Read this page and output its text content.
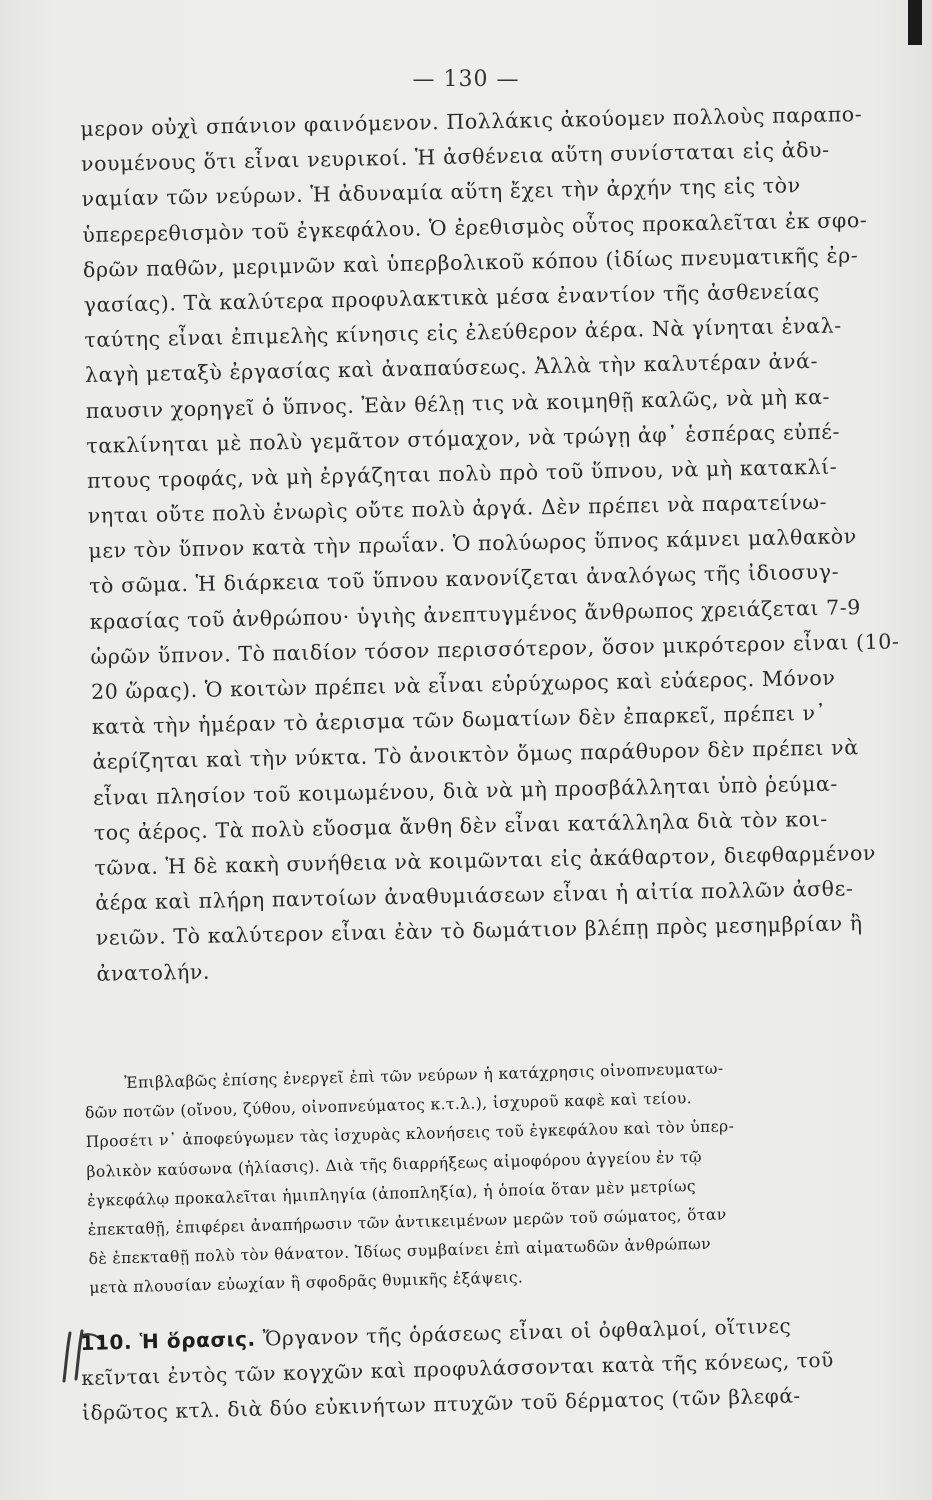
— 130 —
μερον οὐχὶ σπάνιον φαινόμενον. Πολλάκις ἀκούομεν πολλοὺς παραπο-
νουμένους ὅτι εἶναι νευρικοί. Ἡ ἀσθένεια αὕτη συνίσταται εἰς ἀδυ-
ναμίαν τῶν νεύρων. Ἡ ἀδυναμία αὕτη ἔχει τὴν ἀρχήν της εἰς τὸν
ὑπερερεθισμὸν τοῦ ἐγκεφάλου. Ὁ ἐρεθισμὸς οὗτος προκαλεῖται ἐκ σφο-
δρῶν παθῶν, μεριμνῶν καὶ ὑπερβολικοῦ κόπου (ἰδίως πνευματικῆς ἐρ-
γασίας). Τὰ καλύτερα προφυλακτικὰ μέσα ἐναντίον τῆς ἀσθενείας
ταύτης εἶναι ἐπιμελὴς κίνησις εἰς ἐλεύθερον ἀέρα. Νὰ γίνηται ἐναλ-
λαγὴ μεταξὺ ἐργασίας καὶ ἀναπαύσεως. Ἀλλὰ τὴν καλυτέραν ἀνά-
παυσιν χορηγεῖ ὁ ὕπνος. Ἐὰν θέλῃ τις νὰ κοιμηθῇ καλῶς, νὰ μὴ κα-
τακλίνηται μὲ πολὺ γεμᾶτον στόμαχον, νὰ τρώγῃ ἀφ᾿ ἑσπέρας εὐπέ-
πτους τροφάς, νὰ μὴ ἐργάζηται πολὺ πρὸ τοῦ ὕπνου, νὰ μὴ κατακλί-
νηται οὔτε πολὺ ἐνωρὶς οὔτε πολὺ ἀργά. Δὲν πρέπει νὰ παρατείνω-
μεν τὸν ὕπνον κατὰ τὴν πρωΐαν. Ὁ πολύωρος ὕπνος κάμνει μαλθακὸν
τὸ σῶμα. Ἡ διάρκεια τοῦ ὕπνου κανονίζεται ἀναλόγως τῆς ἰδιοσυγ-
κρασίας τοῦ ἀνθρώπου· ὑγιὴς ἀνεπτυγμένος ἄνθρωπος χρειάζεται 7-9
ὡρῶν ὕπνον. Τὸ παιδίον τόσον περισσότερον, ὅσον μικρότερον εἶναι (10-
20 ὥρας). Ὁ κοιτὼν πρέπει νὰ εἶναι εὐρύχωρος καὶ εὐάερος. Μόνον
κατὰ τὴν ἡμέραν τὸ ἀερισμα τῶν δωματίων δὲν ἐπαρκεῖ, πρέπει ν᾿
ἀερίζηται καὶ τὴν νύκτα. Τὸ ἀνοικτὸν ὅμως παράθυρον δὲν πρέπει νὰ
εἶναι πλησίον τοῦ κοιμωμένου, διὰ νὰ μὴ προσβάλληται ὑπὸ ῥεύμα-
τος ἀέρος. Τὰ πολὺ εὔοσμα ἄνθη δὲν εἶναι κατάλληλα διὰ τὸν κοι-
τῶνα. Ἡ δὲ κακὴ συνήθεια νὰ κοιμῶνται εἰς ἀκάθαρτον, διεφθαρμένον
ἀέρα καὶ πλήρη παντοίων ἀναθυμιάσεων εἶναι ἡ αἰτία πολλῶν ἀσθε-
νειῶν. Τὸ καλύτερον εἶναι ἐὰν τὸ δωμάτιον βλέπῃ πρὸς μεσημβρίαν ἢ
ἀνατολήν.
Ἐπιβλαβῶς ἐπίσης ἐνεργεῖ ἐπὶ τῶν νεύρων ἡ κατάχρησις οἰνοπνευματω-
δῶν ποτῶν (οἴνου, ζύθου, οἰνοπνεύματος κ.τ.λ.), ἰσχυροῦ καφὲ καὶ τείου.
Προσέτι ν᾿ ἀποφεύγωμεν τὰς ἰσχυρὰς κλονήσεις τοῦ ἐγκεφάλου καὶ τὸν ὑπερ-
βολικὸν καύσωνα (ἡλίασις). Διὰ τῆς διαρρήξεως αἱμοφόρου ἀγγείου ἐν τῷ
ἐγκεφάλῳ προκαλεῖται ἡμιπληγία (ἀποπληξία), ἡ ὁποία ὅταν μὲν μετρίως
ἐπεκταθῇ, ἐπιφέρει ἀναπήρωσιν τῶν ἀντικειμένων μερῶν τοῦ σώματος, ὅταν
δὲ ἐπεκταθῇ πολὺ τὸν θάνατον. Ἰδίως συμβαίνει ἐπὶ αἱματωδῶν ἀνθρώπων
μετὰ πλουσίαν εὐωχίαν ἢ σφοδρᾶς θυμικῆς ἐξάψεις.
110. Ἡ ὅρασις. Ὄργανον τῆς ὁράσεως εἶναι οἱ ὀφθαλμοί, οἵτινες
κεῖνται ἐντὸς τῶν κογχῶν καὶ προφυλάσσονται κατὰ τῆς κόνεως, τοῦ
ἱδρῶτος κτλ. διὰ δύο εὐκινήτων πτυχῶν τοῦ δέρματος (τῶν βλεφά-
